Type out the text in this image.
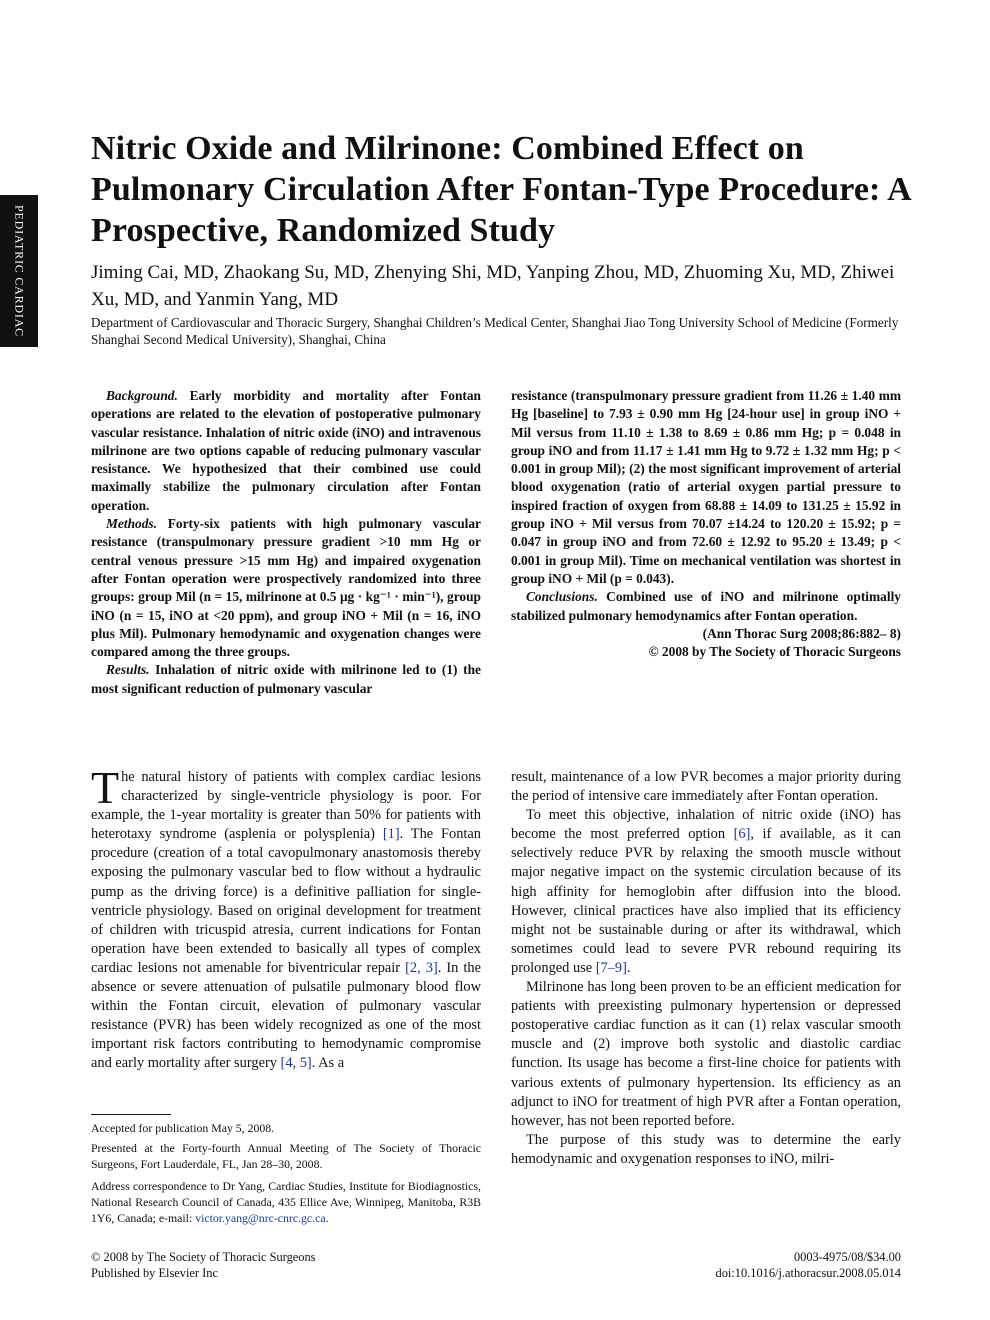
PEDIATRIC CARDIAC
Nitric Oxide and Milrinone: Combined Effect on Pulmonary Circulation After Fontan-Type Procedure: A Prospective, Randomized Study

Jiming Cai, MD, Zhaokang Su, MD, Zhenying Shi, MD, Yanping Zhou, MD, Zhuoming Xu, MD, Zhiwei Xu, MD, and Yanmin Yang, MD

Department of Cardiovascular and Thoracic Surgery, Shanghai Children’s Medical Center, Shanghai Jiao Tong University School of Medicine (Formerly Shanghai Second Medical University), Shanghai, China

Background. Early morbidity and mortality after Fontan operations are related to the elevation of postoperative pulmonary vascular resistance. Inhalation of nitric oxide (iNO) and intravenous milrinone are two options capable of reducing pulmonary vascular resistance. We hypothesized that their combined use could maximally stabilize the pulmonary circulation after Fontan operation.

Methods. Forty-six patients with high pulmonary vascular resistance (transpulmonary pressure gradient >10 mm Hg or central venous pressure >15 mm Hg) and impaired oxygenation after Fontan operation were prospectively randomized into three groups: group Mil (n = 15, milrinone at 0.5 μg · kg⁻¹ · min⁻¹), group iNO (n = 15, iNO at <20 ppm), and group iNO + Mil (n = 16, iNO plus Mil). Pulmonary hemodynamic and oxygenation changes were compared among the three groups.

Results. Inhalation of nitric oxide with milrinone led to (1) the most significant reduction of pulmonary vascular

resistance (transpulmonary pressure gradient from 11.26 ± 1.40 mm Hg [baseline] to 7.93 ± 0.90 mm Hg [24-hour use] in group iNO + Mil versus from 11.10 ± 1.38 to 8.69 ± 0.86 mm Hg; p = 0.048 in group iNO and from 11.17 ± 1.41 mm Hg to 9.72 ± 1.32 mm Hg; p < 0.001 in group Mil); (2) the most significant improvement of arterial blood oxygenation (ratio of arterial oxygen partial pressure to inspired fraction of oxygen from 68.88 ± 14.09 to 131.25 ± 15.92 in group iNO + Mil versus from 70.07 ±14.24 to 120.20 ± 15.92; p = 0.047 in group iNO and from 72.60 ± 12.92 to 95.20 ± 13.49; p < 0.001 in group Mil). Time on mechanical ventilation was shortest in group iNO + Mil (p = 0.043).

Conclusions. Combined use of iNO and milrinone optimally stabilized pulmonary hemodynamics after Fontan operation.

(Ann Thorac Surg 2008;86:882– 8)

© 2008 by The Society of Thoracic Surgeons

The natural history of patients with complex cardiac lesions characterized by single-ventricle physiology is poor. For example, the 1-year mortality is greater than 50% for patients with heterotaxy syndrome (asplenia or polysplenia) [1]. The Fontan procedure (creation of a total cavopulmonary anastomosis thereby exposing the pulmonary vascular bed to flow without a hydraulic pump as the driving force) is a definitive palliation for single-ventricle physiology. Based on original development for treatment of children with tricuspid atresia, current indications for Fontan operation have been extended to basically all types of complex cardiac lesions not amenable for biventricular repair [2, 3]. In the absence or severe attenuation of pulsatile pulmonary blood flow within the Fontan circuit, elevation of pulmonary vascular resistance (PVR) has been widely recognized as one of the most important risk factors contributing to hemodynamic compromise and early mortality after surgery [4, 5]. As a

result, maintenance of a low PVR becomes a major priority during the period of intensive care immediately after Fontan operation.

To meet this objective, inhalation of nitric oxide (iNO) has become the most preferred option [6], if available, as it can selectively reduce PVR by relaxing the smooth muscle without major negative impact on the systemic circulation because of its high affinity for hemoglobin after diffusion into the blood. However, clinical practices have also implied that its efficiency might not be sustainable during or after its withdrawal, which sometimes could lead to severe PVR rebound requiring its prolonged use [7–9].

Milrinone has long been proven to be an efficient medication for patients with preexisting pulmonary hypertension or depressed postoperative cardiac function as it can (1) relax vascular smooth muscle and (2) improve both systolic and diastolic cardiac function. Its usage has become a first-line choice for patients with various extents of pulmonary hypertension. Its efficiency as an adjunct to iNO for treatment of high PVR after a Fontan operation, however, has not been reported before.

The purpose of this study was to determine the early hemodynamic and oxygenation responses to iNO, milri-

Accepted for publication May 5, 2008.

Presented at the Forty-fourth Annual Meeting of The Society of Thoracic Surgeons, Fort Lauderdale, FL, Jan 28–30, 2008.

Address correspondence to Dr Yang, Cardiac Studies, Institute for Biodiagnostics, National Research Council of Canada, 435 Ellice Ave, Winnipeg, Manitoba, R3B 1Y6, Canada; e-mail: victor.yang@nrc-cnrc.gc.ca.

© 2008 by The Society of Thoracic Surgeons
Published by Elsevier Inc
0003-4975/08/$34.00
doi:10.1016/j.athoracsur.2008.05.014
